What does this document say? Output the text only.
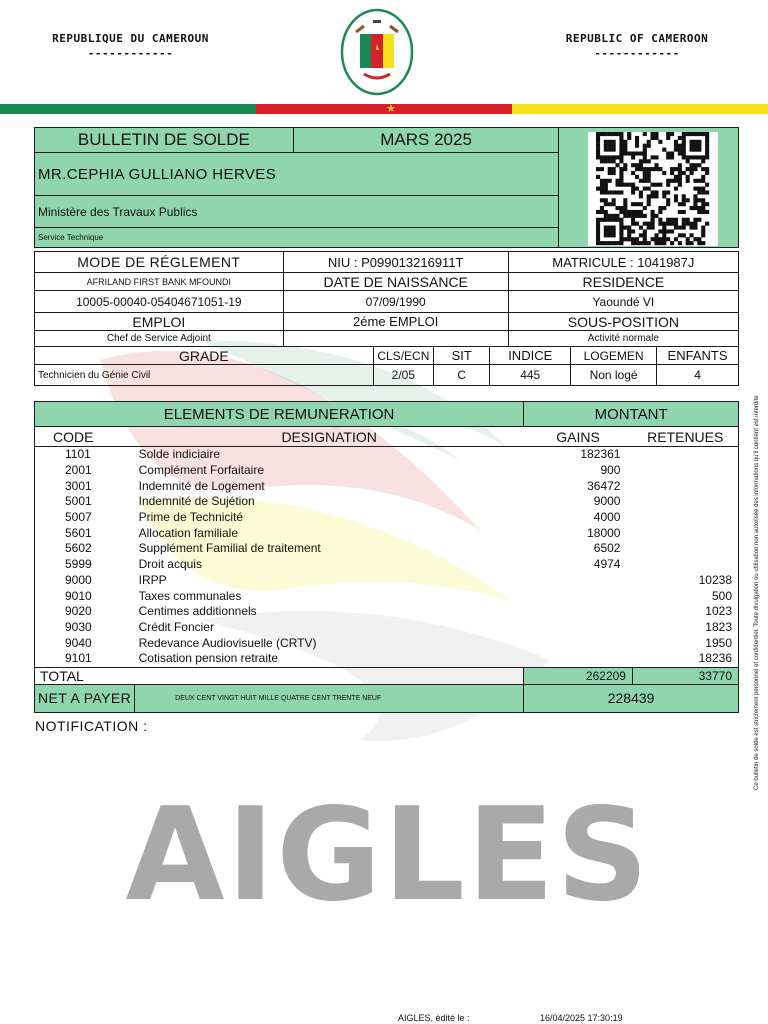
REPUBLIQUE DU CAMEROUN
------------
REPUBLIC OF CAMEROON
------------
★
AIGLES
BULLETIN DE SOLDE	MARS 2025	
MR.CEPHIA GULLIANO HERVES
Ministère des Travaux Publics
Service Technique
MODE DE RÉGLEMENT	NIU : P099013216911T				MATRICULE : 1041987J		
AFRILAND FIRST BANK MFOUNDI	DATE DE NAISSANCE				RESIDENCE		
10005-00040-05404671051-19	07/09/1990				Yaoundé VI		
EMPLOI	2éme EMPLOI				SOUS-POSITION		
Chef de Service Adjoint					Activité normale		
GRADE		CLS/ECN	SIT	INDICE		LOGEMEN	ENFANTS
Technicien du Génie Civil		2/05	C	445		Non logé	4
ELEMENTS DE REMUNERATION			MONTANT	
CODE	DESIGNATION		GAINS	RETENUES
1101	Solde indiciaire		182361	
2001	Complément Forfaitaire		900	
3001	Indemnité de Logement		36472	
5001	Indemnité de Sujétion		9000	
5007	Prime de Technicité		4000	
5601	Allocation familiale		18000	
5602	Supplément Familial de traitement		6502	
5999	Droit acquis		4974	
9000	IRPP			10238
9010	Taxes communales			500
9020	Centimes additionnels			1023
9030	Crédit Foncier			1823
9040	Redevance Audiovisuelle (CRTV)			1950
9101	Cotisation pension retraite			18236
TOTAL			262209	33770
NET A PAYER	DEUX CENT VINGT HUIT MILLE QUATRE CENT TRENTE NEUF		228439	
NOTIFICATION :	Ce bulletin de solde est strictement personnel et confidentiel. Toute divulgation ou utilisation non autorisée des informations qu'il contient est interdite
AIGLES, édité le :	16/04/2025 17:30:19
